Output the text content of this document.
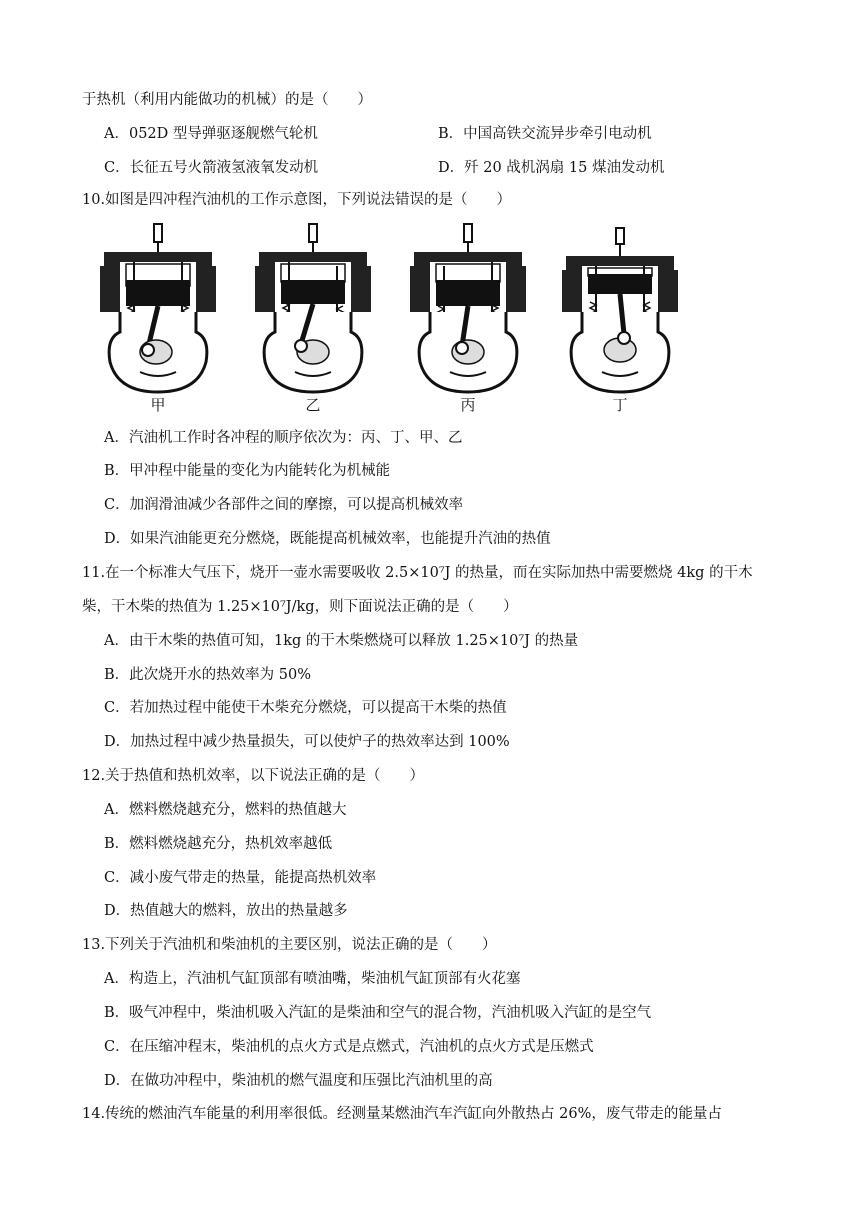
于热机（利用内能做功的机械）的是（　　）
A．052D 型导弹驱逐舰燃气轮机	B．中国高铁交流异步牵引电动机
C．长征五号火箭液氢液氧发动机	D．歼 20 战机涡扇 15 煤油发动机
10.如图是四冲程汽油机的工作示意图，下列说法错误的是（　　）
甲	乙	丙	丁
A．汽油机工作时各冲程的顺序依次为：丙、丁、甲、乙
B．甲冲程中能量的变化为内能转化为机械能
C．加润滑油减少各部件之间的摩擦，可以提高机械效率
D．如果汽油能更充分燃烧，既能提高机械效率，也能提升汽油的热值
11.在一个标准大气压下，烧开一壶水需要吸收 2.5×10⁷J 的热量，而在实际加热中需要燃烧 4kg 的干木
柴，干木柴的热值为 1.25×10⁷J/kg，则下面说法正确的是（　　）
A．由干木柴的热值可知，1kg 的干木柴燃烧可以释放 1.25×10⁷J 的热量
B．此次烧开水的热效率为 50%
C．若加热过程中能使干木柴充分燃烧，可以提高干木柴的热值
D．加热过程中减少热量损失，可以使炉子的热效率达到 100%
12.关于热值和热机效率，以下说法正确的是（　　）
A．燃料燃烧越充分，燃料的热值越大
B．燃料燃烧越充分，热机效率越低
C．减小废气带走的热量，能提高热机效率
D．热值越大的燃料，放出的热量越多
13.下列关于汽油机和柴油机的主要区别，说法正确的是（　　）
A．构造上，汽油机气缸顶部有喷油嘴，柴油机气缸顶部有火花塞
B．吸气冲程中，柴油机吸入汽缸的是柴油和空气的混合物，汽油机吸入汽缸的是空气
C．在压缩冲程末，柴油机的点火方式是点燃式，汽油机的点火方式是压燃式
D．在做功冲程中，柴油机的燃气温度和压强比汽油机里的高
14.传统的燃油汽车能量的利用率很低。经测量某燃油汽车汽缸向外散热占 26%，废气带走的能量占
